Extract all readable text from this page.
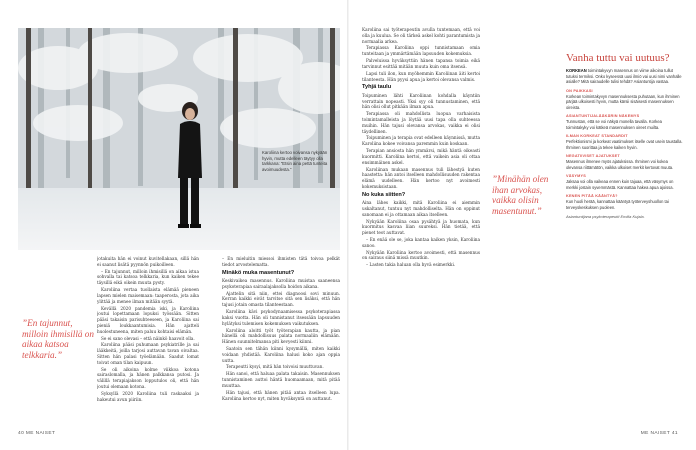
Karoliina kertoo voivansa nykyään hyvin, mutta edelleen täytyy olla tarkkana: ”Etsin aina pettä tunteita avoimuudesta.”
”En tajunnut, milloin ihmisillä on aikaa katsoa telkkaria.”

jotakuita hän ei voinut kuvitellakaan, sillä hän ei saanut lisätä pyynnön puikoilleen.

– En tajunnut, milloin ihmisillä on aikaa istua sohvalla tai katsoa telkkaria, kun kaiken tekee täysillä eikä oikein muuta pysty.

Karoliina vertaa tuollaista elämää pieneen lapsen mielen maisemaan: taaperosta, jota aika ylittää ja menee ilman mitään syytä.

Kevällä 2020 pandemia iski, ja Karoliina joutui lopettamaan lopuksi työssään. Sitten pääsi takaisin parisuhteeseen, ja Karoliina sai pieniä loukkaantumisia. Hän ajatteli huolestuneena, miten paluu kohtaisi elämän.

Se ei sano olevasi – että näinkö haavoit olla.

Karoliina pääsi puhumaan psykiatrille ja sai lääkkeitä, joilla tarjosi auttavan tavan oivaltaa. Sitten hän palasi työelämään. Saadut lomat toivat oman tilan kaipuun.

Se oli aikoina kolme viikkoa kotona sairaslomalla, ja hänen palkkansa putosi. Ja välillä terapiajakson lopputulos oli, että hän joutui olemaan kotona.

Syksyllä 2020 Karoliina tuli raskaaksi ja hakeutui avun piiriin.

– En mieluitin miessoi ihmisten tätä toivoa pelkät tiedot arvostelematta.

Minäkö muka masentunut?

Keskivaikea masennus. Karoliina muistaa saaneensa psykoterapiaa sairaalajaksolla hoidon aikana.

Ajattelin sitä niin, ettei diagnoosi sovi minuun. Kerran kaikki eivät tarvitse sitä sen lisäksi, että hän tajusi jotain omasta tilanteestaan.

Karoliina kävi psykodynaamisessa psykoterapiassa kaksi vuotta. Hän oli tunnistanut itsessään lapsuuden hylätyksi tulemisen kokemuksen vaikutuksen.

Karoliina aloitti työt työterapian kautta, ja pian hänellä oli mahdollisuus palata normaaliin elämään. Hänen suunnitelmansa piti kevyesti kiinni.

Saatoin sen tähän kiinni kysymällä, miten kaikki voidaan yhdistää. Karoliina halusi koko ajan oppia uutta.

Terapeutti kysyi, mitä hän toivoisi muuttuvan.

Hän sanoi, että haluaa palata takaisin. Masennuksen tunnistaminen auttoi häntä huomaamaan, mitä pitää muuttaa.

Hän tajusi, että hänen pitää antaa itselleen lupa. Karoliina kertoo nyt, miten hyväksyntä on auttanut.

Karoliina sai työterapeutin avulla tuntemaan, että voi olla ja kuulua. Se oli tärkeä askel kohti parantumista ja normaalia arkea.

Terapiassa Karoliina oppi tunnistamaan omia tunteitaan ja ymmärtämään lapsuuden kokemuksia.

Palveluissa hyväksyttiin hänen tapansa toimia eikä tarvinnut esittää mitään muuta kuin oma itsensä.

Lapsi tuli ilon, kun myöhemmin Karoliinan äiti kertoi tilanteesta. Hän pyysi apua ja kertoi olevansa valmis.

Tyhjä taulu

Toipuminen lähti Karoliinan kohdalla käyntiin verrattain nopeasti. Yksi syy oli tunnustaminen, että hän olisi ollut pitkään ilman apua.

Terapiassa oli mahdollista luopua varhaisista toimintamalleista ja löytää uusi tapa olla suhteessa muihin. Hän tajusi olevansa arvokas, vaikka ei olisi täydellinen.

Toipuminen ja terapia ovat edelleen käynnissä, mutta Karoliina kokee voivansa paremmin kuin koskaan.

Terapian ansiosta hän ymmärsi, mikä häntä oikeasti kuormitti. Karoliina kertoi, että vaikein asia oli ottaa ensimmäinen askel.

Karoliinan mukaan masennus tuli lähestyä kuten haastetta: hän antoi itselleen mahdollisuuden rakentaa elämä uudelleen. Hän kertoo nyt avoimesti kokemuksistaan.

No kuka siitten?

Aina lähes kaikki, mitä Karoliina ei aiemmin uskaltanut, tuntuu nyt mahdolliselta. Hän on oppinut sanomaan ei ja ottamaan aikaa itselleen.

Nykyään Karoliina osaa pysähtyä ja huomata, kun kuormitus kasvaa liian suureksi. Hän tietää, että pienet teot auttavat.

– En enää ole se, joka kantaa kaiken yksin, Karoliina sanoo.

Nykyään Karoliina kertoo avoimesti, että masennus on sairaus siinä missä muutkin.

– Lasten takia haluan olla hyvä esimerkki.

”Minähän olen ihan arvokas, vaikka olisin masentunut.”
Vanha tuttu vai uutuus?
KORKEAN toimintakyvyn masennus on viime aikoina tullut tutuksi termiksi. Onko kyseessä uusi ilmiö vai uusi nimi vanhalle asialle? Mitä sairaudelle tulisi tehdä? Asiantuntija vastaa.
ON PAIKKASI
Korkean toimintakyvyn masennuksesta puhutaan, kun ihminen pärjää ulkoisesti hyvin, mutta kärsii sisäisesti masennuksen oireista.
ASIANTUNTIJALÄÄKÄRIN NÄKEMYS
Tunnustan, että se voi näkyä monella tavalla. Korkea toimintakyky voi kätkeä masennuksen oireet muilta.
ILMAN KORKEAT STANDARDIT
Perfektionismi ja korkeat vaatimukset itselle ovat usein taustalla. Ihminen suorittaa ja tekee kaiken hyvin.
NEGATIIVISET AJATUKSET
Masennus ilmenee myös ajatuksissa. Ihminen voi kokea olevansa riittämätön, vaikka ulkoiset merkit kertovat muuta.
VÄSYMYS
Jaksaa voi olla vaikeaa ennen kuin tajuaa, että väsymys on merkki jostain syvemmästä. Kannattaa hakea apua ajoissa.
KENEN PITÄÄ KÄÄNTYÄ?
Kun huoli herää, kannattaa kääntyä työterveyshuollon tai terveyskeskuksen puoleen.
Asiantuntijana psykoterapeutti Emilia Kujala.
40 ME NAISET	ME NAISET 41
